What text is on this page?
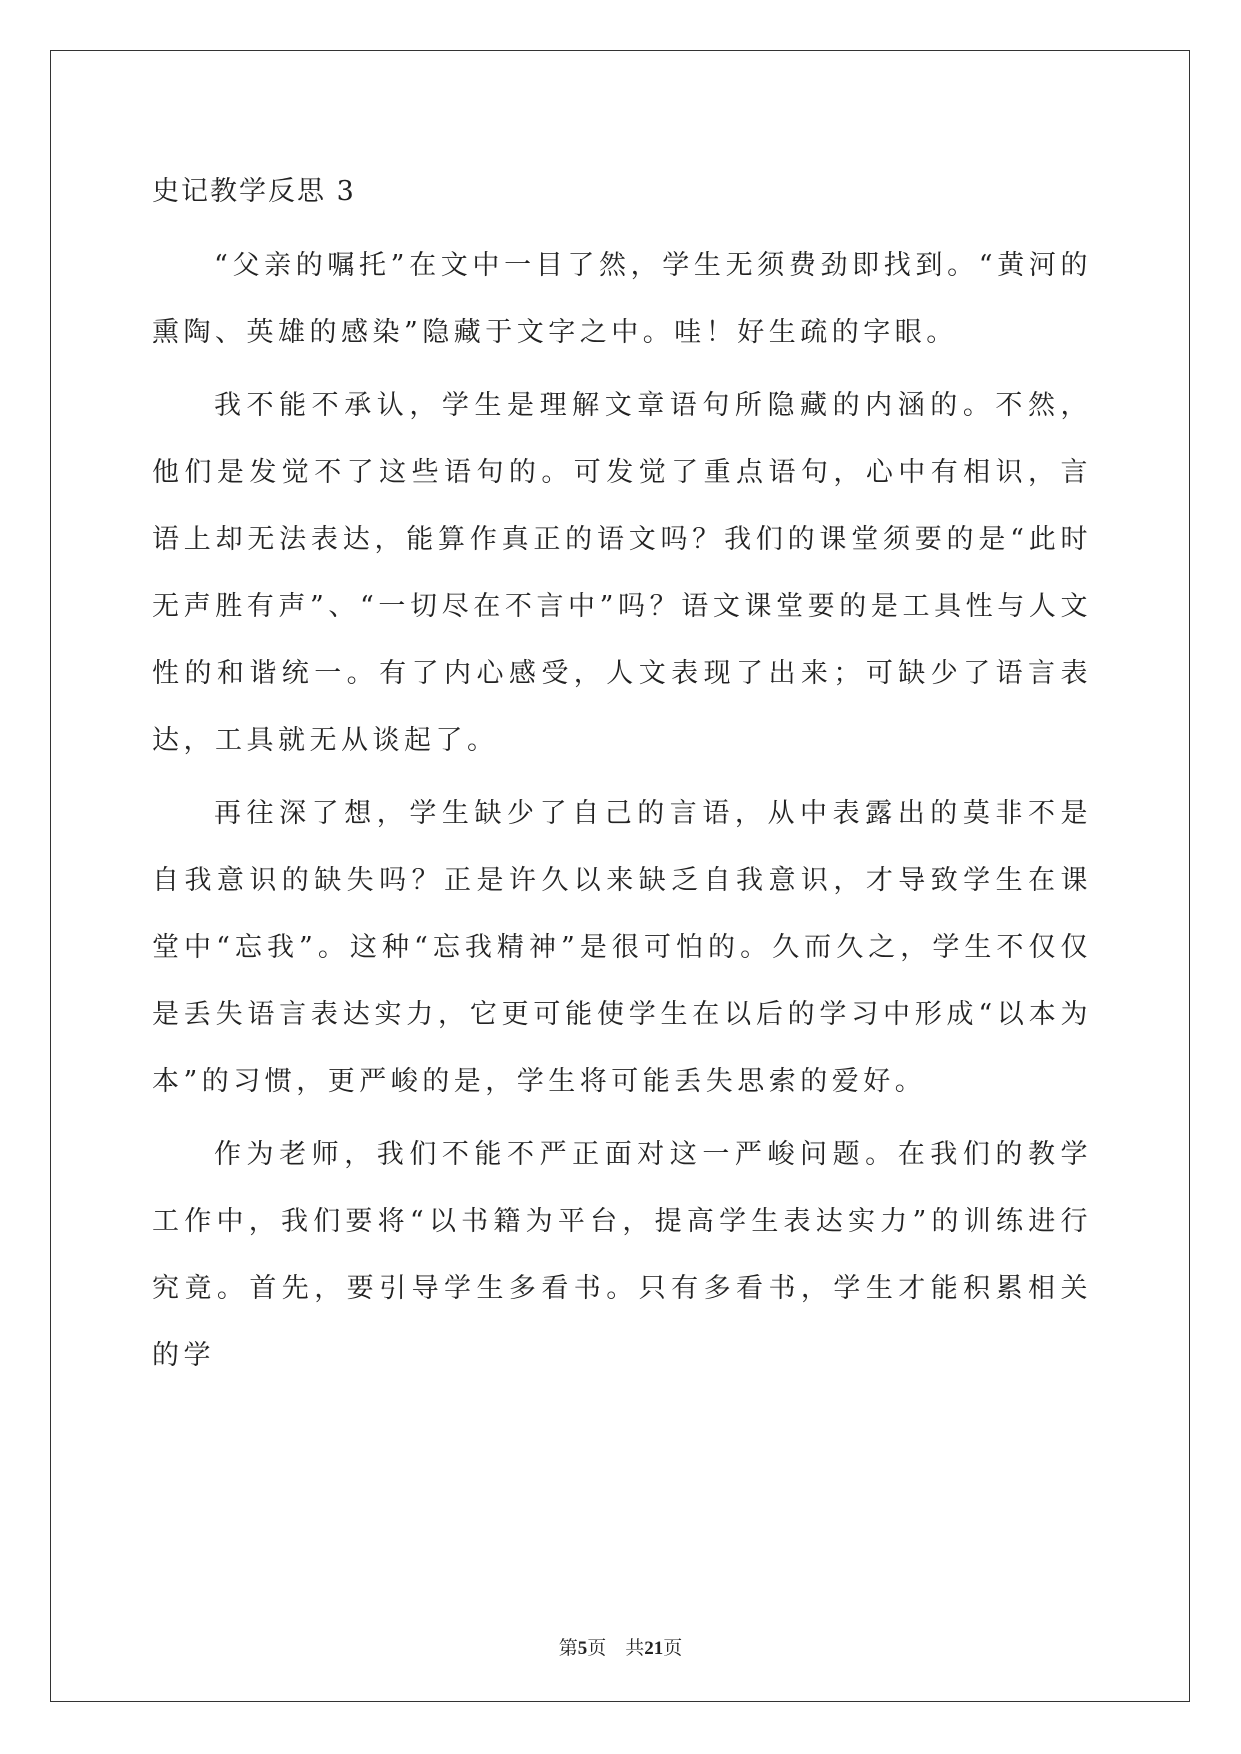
史记教学反思 3

“父亲的嘱托”在文中一目了然，学生无须费劲即找到。“黄河的熏陶、英雄的感染”隐藏于文字之中。哇！好生疏的字眼。

我不能不承认，学生是理解文章语句所隐藏的内涵的。不然，他们是发觉不了这些语句的。可发觉了重点语句，心中有相识，言语上却无法表达，能算作真正的语文吗？我们的课堂须要的是“此时无声胜有声”、“一切尽在不言中”吗？语文课堂要的是工具性与人文性的和谐统一。有了内心感受，人文表现了出来；可缺少了语言表达，工具就无从谈起了。

再往深了想，学生缺少了自己的言语，从中表露出的莫非不是自我意识的缺失吗？正是许久以来缺乏自我意识，才导致学生在课堂中“忘我”。这种“忘我精神”是很可怕的。久而久之，学生不仅仅是丢失语言表达实力，它更可能使学生在以后的学习中形成“以本为本”的习惯，更严峻的是，学生将可能丢失思索的爱好。

作为老师，我们不能不严正面对这一严峻问题。在我们的教学工作中，我们要将“以书籍为平台，提高学生表达实力”的训练进行究竟。首先，要引导学生多看书。只有多看书，学生才能积累相关的学

第5页 共21页
